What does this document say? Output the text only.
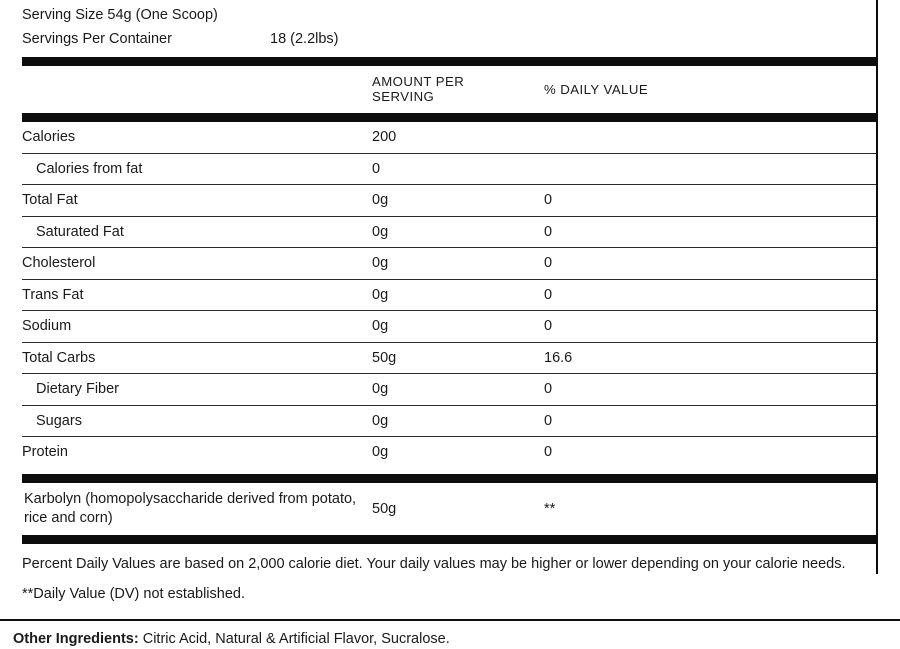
Serving Size 54g (One Scoop)
Servings Per Container	18 (2.2lbs)

AMOUNT PER
SERVING	% DAILY VALUE
Calories	200	
Calories from fat	0	
Total Fat	0g	0
Saturated Fat	0g	0
Cholesterol	0g	0
Trans Fat	0g	0
Sodium	0g	0
Total Carbs	50g	16.6
Dietary Fiber	0g	0
Sugars	0g	0
Protein	0g	0
Karbolyn (homopolysaccharide derived from potato, rice and corn)
50g	**
Percent Daily Values are based on 2,000 calorie diet. Your daily values may be higher or lower depending on your calorie needs.
**Daily Value (DV) not established.
Other Ingredients: Citric Acid, Natural & Artificial Flavor, Sucralose.
